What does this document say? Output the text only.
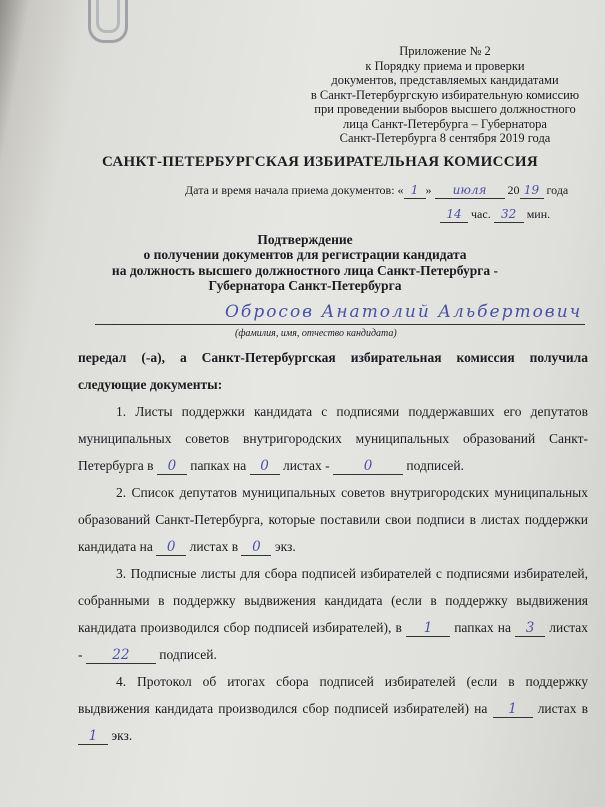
Приложение № 2
к Порядку приема и проверки
документов, представляемых кандидатами
в Санкт-Петербургскую избирательную комиссию
при проведении выборов высшего должностного
лица Санкт-Петербурга – Губернатора
Санкт-Петербурга 8 сентября 2019 года
САНКТ-ПЕТЕРБУРГСКАЯ ИЗБИРАТЕЛЬНАЯ КОМИССИЯ
Дата и время начала приема документов: « 1 » июля 20 19 года
14 час. 32 мин.
Подтверждение
о получении документов для регистрации кандидата
на должность высшего должностного лица Санкт-Петербурга -
Губернатора Санкт-Петербурга
Обросов Анатолий Альбертович
(фамилия, имя, отчество кандидата)

передал (-а), а Санкт-Петербургская избирательная комиссия получила следующие документы:

1. Листы поддержки кандидата с подписями поддержавших его депутатов муниципальных советов внутригородских муниципальных образований Санкт-Петербурга в 0 папках на 0 листах -	0	подписей.

2. Список депутатов муниципальных советов внутригородских муниципальных образований Санкт-Петербурга, которые поставили свои подписи в листах поддержки кандидата на 0 листах в 0 экз.

3. Подписные листы для сбора подписей избирателей с подписями избирателей, собранными в поддержку выдвижения кандидата (если в поддержку выдвижения кандидата производился сбор подписей избирателей), в 1 папках на 3 листах - 22 подписей.

4. Протокол об итогах сбора подписей избирателей (если в поддержку выдвижения кандидата производился сбор подписей избирателей) на 1 листах в 1 экз.
